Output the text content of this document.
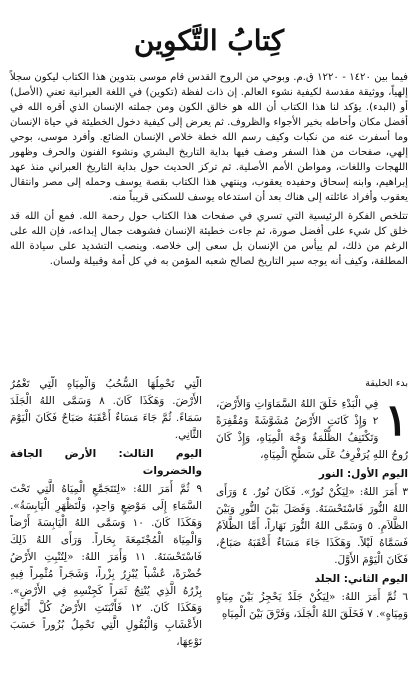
كِتابُ التَّكوِين

فيما بين ١٤٢٠ - ١٢٢٠ ق.م. وبوحي من الروح القدس قام موسى بتدوين هذا الكتاب ليكون سجلاً إلهياً، ووثيقة مقدسة لكيفية نشوء العالم. إن ذات لفظة (تكوين) في اللغة العبرانية تعني (الأصل) أو (البدء). يؤكد لنا هذا الكتاب أن الله هو خالق الكون ومن جملته الإنسان الذي أقره الله في أفضل مكان وأحاطه بخير الأجواء والظروف. ثم يعرض إلى كيفية دخول الخطيئة في حياة الإنسان وما أسفرت عنه من نكبات وكيف رسم الله خطة خلاص الإنسان الضائع. وأفرد موسى، بوحي إلهي، صفحات من هذا السفر وصف فيها بداية التاريخ البشري ونشوء الفنون والحرف وظهور اللهجات واللغات، ومواطن الأمم الأصلية. ثم تركز الحديث حول بداية التاريخ العبراني منذ عهد إبراهيم، وابنه إسحاق وحفيده يعقوب، وينتهي هذا الكتاب بقصة يوسف وحمله إلى مصر وانتقال يعقوب وأفراد عائلته إلى هناك بعد أن استدعاه يوسف للسكنى قريباً منه.

تتلخص الفكرة الرئيسية التي تسري في صفحات هذا الكتاب حول رحمة الله. فمع أن الله قد خلق كل شيء على أفضل صورة، ثم جاءت خطيئة الإنسان فشوهت جمال إبداعه، فإن الله على الرغم من ذلك، لم ييأس من الإنسان بل سعى إلى خلاصه. وينصب التشديد على سيادة الله المطلقة، وكيف أنه يوجه سير التاريخ لصالح شعبه المؤمن به في كل أمة وقبيلة ولسان.

بدء الخليقة
١
فِي الْبَدْءِ خَلَقَ اللهُ السَّمَاوَاتِ وَالأَرْضَ، ٢ وَإِذْ كَانَتِ الأَرْضُ مُشَوَّشَةً وَمُقْفِرَةً وَتَكْتَنِفُ الظُّلْمَةُ وَجْهَ الْمِيَاهِ، وَإِذْ كَانَ رُوحُ اللهِ يُرَفْرِفُ عَلَى سَطْحِ الْمِيَاهِ،
اليوم الأول: النور
٣ أَمَرَ اللهُ: «لِيَكُنْ نُورٌ». فَكَانَ نُورٌ. ٤ وَرَأَى اللهُ النُّورَ فَاسْتَحْسَنَهُ. وَفَصَلَ بَيْنَ النُّورِ وَبَيْنَ الظَّلاَمِ. ٥ وَسَمَّى اللهُ النُّورَ نَهَاراً، أَمَّا الظَّلاَمُ فَسَمَّاهُ لَيْلاً. وَهَكَذَا جَاءَ مَسَاءٌ أَعْقَبَهُ صَبَاحٌ، فَكَانَ الْيَوْمَ الأَوَّلَ.
اليوم الثاني: الجلد
٦ ثُمَّ أَمَرَ اللهُ: «لِيَكُنْ جَلَدٌ يَحْجِزُ بَيْنَ مِيَاهٍ وَمِيَاهٍ». ٧ فَخَلَقَ اللهُ الْجَلَدَ، وَفَرَّقَ بَيْنَ الْمِيَاهِ
الَّتِي تَحْمِلُهَا السُّحُبُ وَالْمِيَاهِ الَّتِي تَغْمُرُ الأَرْضَ. وَهَكَذَا كَانَ. ٨ وَسَمَّى اللهُ الْجَلَدَ سَمَاءً. ثُمَّ جَاءَ مَسَاءٌ أَعْقَبَهُ صَبَاحٌ فَكَانَ الْيَوْمَ الثَّانِي.
اليوم الثالث: الأرض الجافة والخضروات
٩ ثُمَّ أَمَرَ اللهُ: «لِتَتَجَمَّعِ الْمِيَاهُ الَّتِي تَحْتَ السَّمَاءِ إِلَى مَوْضِعٍ وَاحِدٍ، وَلْتَظْهَرِ الْيَابِسَةُ». وَهَكَذَا كَانَ. ١٠ وَسَمَّى اللهُ الْيَابِسَةَ أَرْضاً وَالْمِيَاهَ الْمُجْتَمِعَةَ بِحَاراً. وَرَأَى اللهُ ذَلِكَ فَاسْتَحْسَنَهُ. ١١ وَأَمَرَ اللهُ: «لِتُنْبِتِ الأَرْضُ خُضْرَةً، عُشْباً يُبْزِرُ بِزْراً، وَشَجَراً مُثْمِراً فِيهِ بِزْرُهُ الَّذِي يُنْتِجُ ثَمَراً كَجِنْسِهِ فِي الأَرْضِ». وَهَكَذَا كَانَ. ١٢ فَأَنْبَتَتِ الأَرْضُ كُلَّ أَنْوَاعِ الأَعْشَابِ وَالْبُقُولِ الَّتِي تَحْمِلُ بُزُوراً حَسَبَ نَوْعِهَا،
